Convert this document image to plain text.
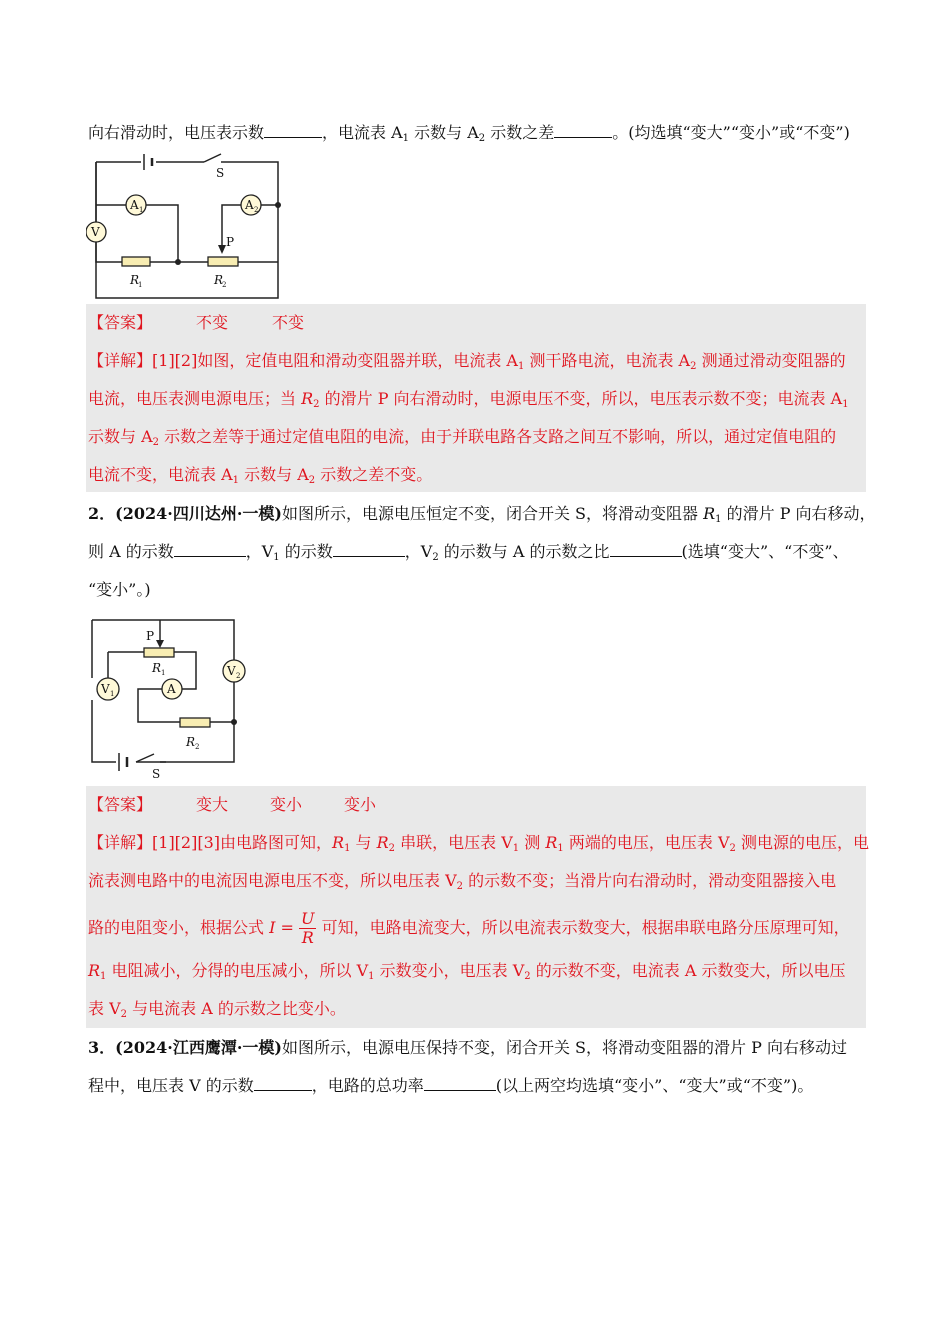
向右滑动时，电压表示数	，电流表 $A_1$ 示数与 $A_2$ 示数之差	。(均选填“变大”“变小”或“不变”)
V
A 1	A 2
S
P
R
1	R
2
【答案】	不变	不变
【详解】[1][2]如图，定值电阻和滑动变阻器并联，电流表 $A_1$ 测干路电流，电流表 $A_2$ 测通过滑动变阻器的
电流，电压表测电源电压；当 $R_2$ 的滑片 P 向右滑动时，电源电压不变，所以，电压表示数不变；电流表 $A_1$
示数与 $A_2$ 示数之差等于通过定值电阻的电流，由于并联电路各支路之间互不影响，所以，通过定值电阻的
电流不变，电流表 $A_1$ 示数与 $A_2$ 示数之差不变。
2．(2024·四川达州·一模)如图所示，电源电压恒定不变，闭合开关 S，将滑动变阻器 $R_1$ 的滑片 P 向右移动，
则 A 的示数	，$V_1$ 的示数	，$V_2$ 的示数与 A 的示数之比	(选填“变大”、“不变”、
“变小”。)
P
R 1
V 1	A
V 2
R 2
S
【答案】	变大	变小	变小
【详解】[1][2][3]由电路图可知，$R_1$ 与 $R_2$ 串联，电压表 $V_1$ 测 $R_1$ 两端的电压，电压表 $V_2$ 测电源的电压，电
流表测电路中的电流因电源电压不变，所以电压表 $V_2$ 的示数不变；当滑片向右滑动时，滑动变阻器接入电
路的电阻变小，根据公式 $I = \frac{U}{R}$ 可知，电路电流变大，所以电流表示数变大，根据串联电路分压原理可知，
$R_1$ 电阻减小，分得的电压减小，所以 $V_1$ 示数变小，电压表 $V_2$ 的示数不变，电流表 A 示数变大，所以电压
表 $V_2$ 与电流表 A 的示数之比变小。
3．(2024·江西鹰潭·一模)如图所示，电源电压保持不变，闭合开关 S，将滑动变阻器的滑片 P 向右移动过
程中，电压表 V 的示数	，电路的总功率	(以上两空均选填“变小”、“变大”或“不变”)。
